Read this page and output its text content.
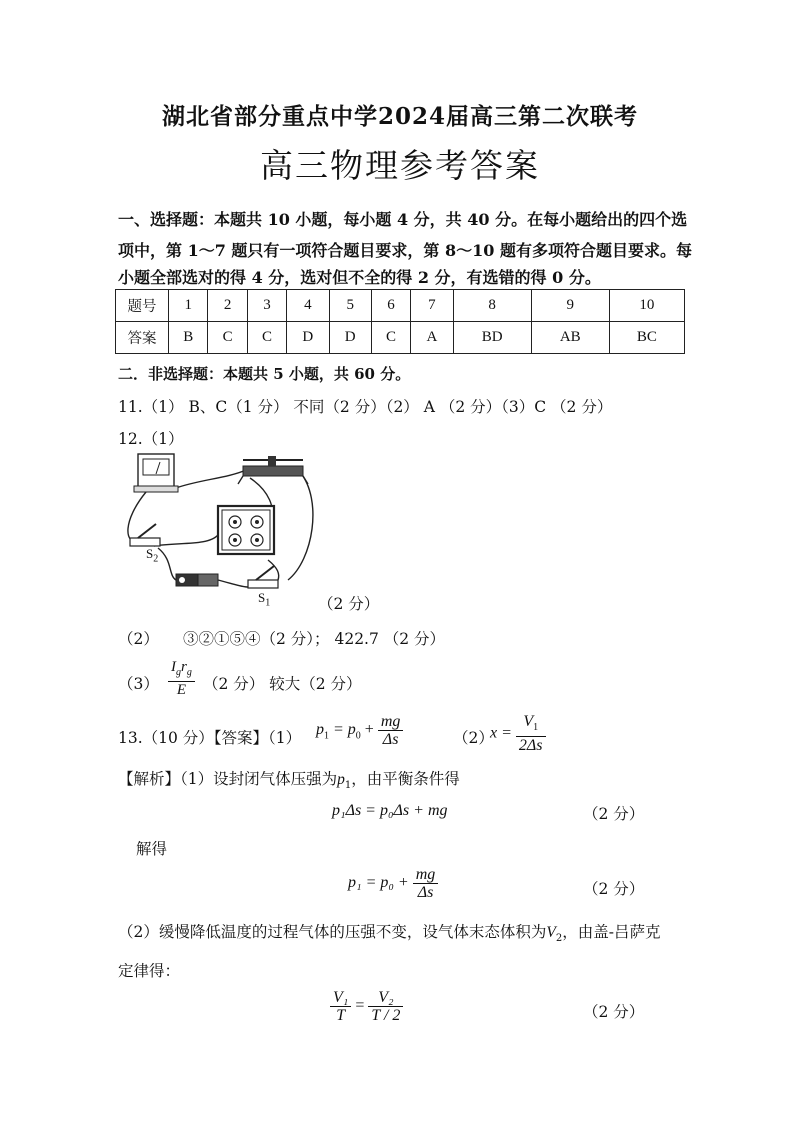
湖北省部分重点中学2024届高三第二次联考
高三物理参考答案
一、选择题：本题共 10 小题，每小题 4 分，共 40 分。在每小题给出的四个选
项中，第 1～7 题只有一项符合题目要求，第 8～10 题有多项符合题目要求。每
小题全部选对的得 4 分，选对但不全的得 2 分，有选错的得 0 分。
题号	1	2	3	4	5	6	7	8	9	10
答案	B	C	C	D	D	C	A	BD	AB	BC
二．非选择题：本题共 5 小题，共 60 分。
11.（1） B、C（1 分） 不同（2 分）（2） A （2 分）（3）C （2 分）
12.（1）
$S_2$
$S_1$	（2 分）
（2） ③②①⑤④（2 分）； 422.7 （2 分）
$(3) \frac{I_gr_g}{E} (2$ 分） 较大（2 分）
13.（10 分）【答案】（1） $p_1 = p_0 + \frac{mg}{\Delta s}$	（2）
$x = \frac{V_1}{2\Delta s}$
【解析】（1）设封闭气体压强为$p_1$，由平衡条件得
p₁Δs = p₀Δs + mg	（2 分）
解得
$p_1 = p_0 + \frac{mg}{\Delta s}$	（2 分）
（2）缓慢降低温度的过程气体的压强不变，设气体末态体积为$V_2$，由盖-吕萨克
定律得：
$\frac{\text{V₁}}{T} = \frac{\text{V₂}}{T / 2}$	（2 分）
